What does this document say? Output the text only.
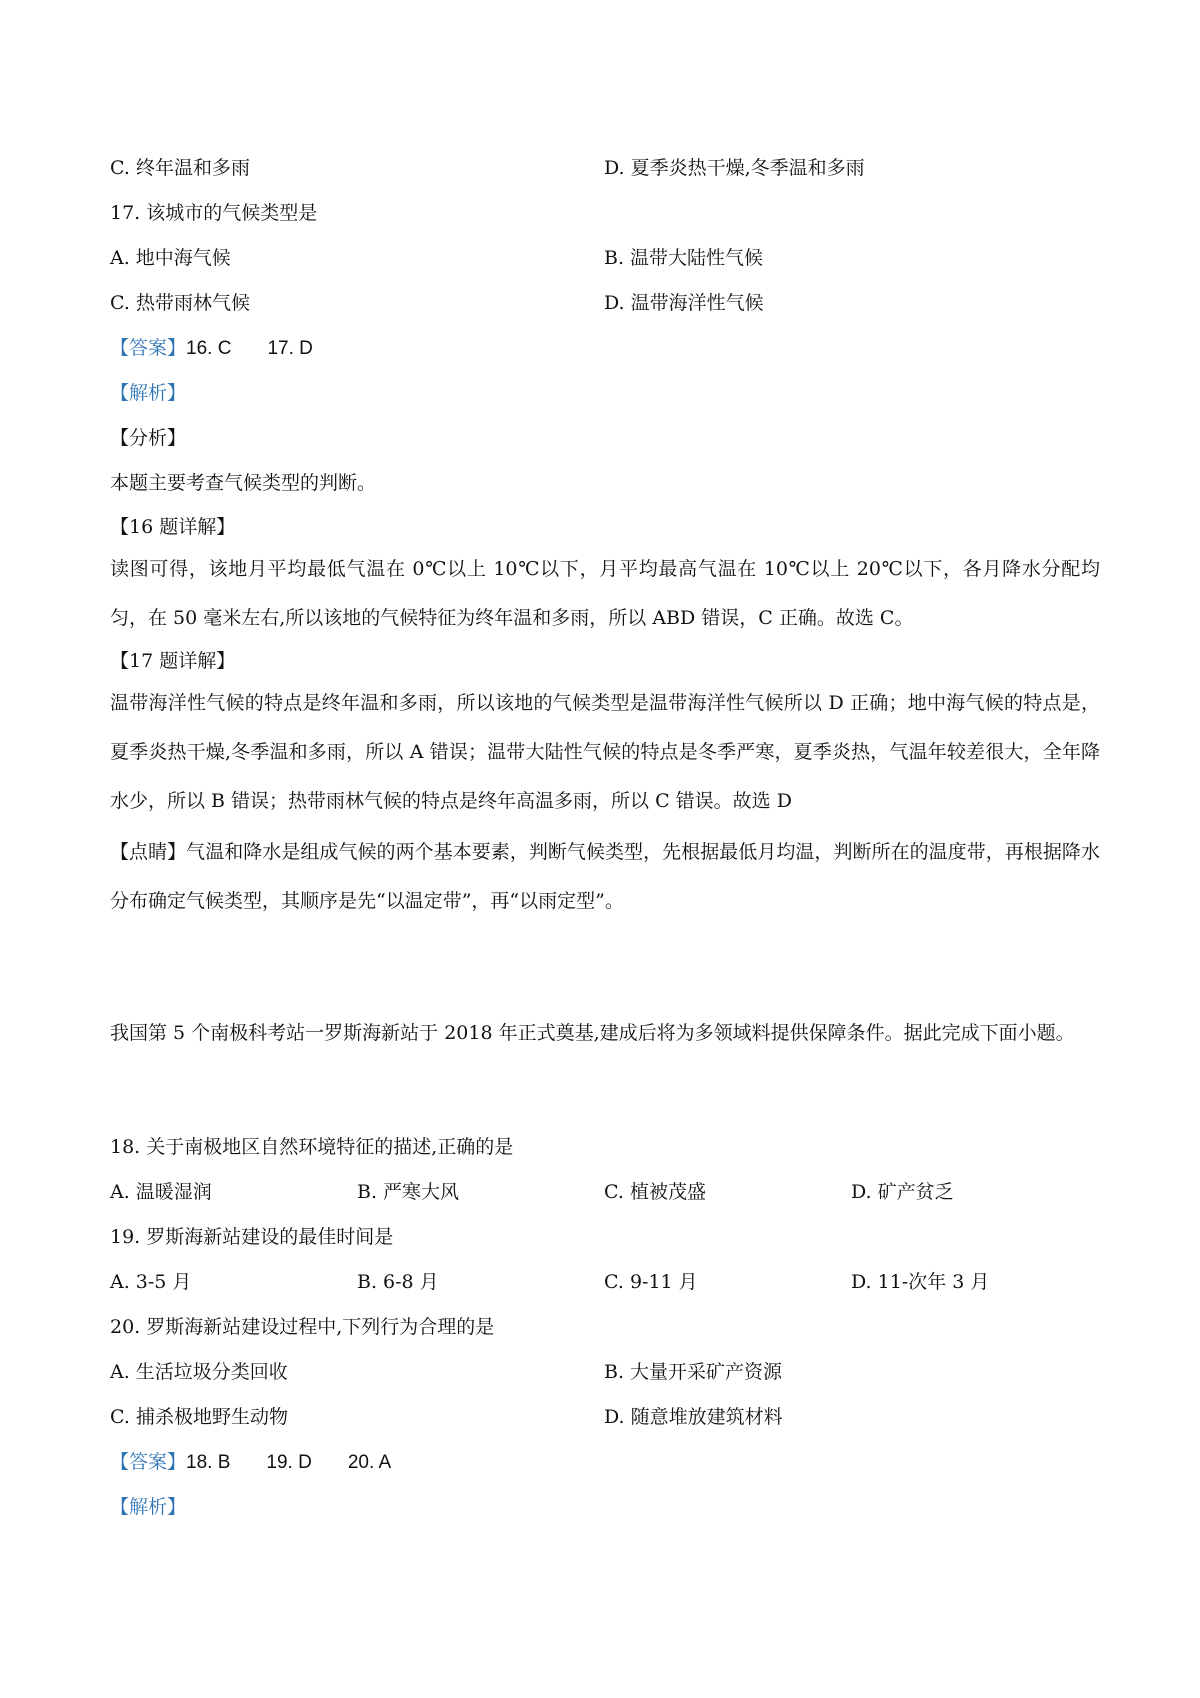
C. 终年温和多雨	D. 夏季炎热干燥,冬季温和多雨
17. 该城市的气候类型是
A. 地中海气候	B. 温带大陆性气候
C. 热带雨林气候	D. 温带海洋性气候
【答案】16. C 17. D
【解析】
【分析】
本题主要考查气候类型的判断。
【16 题详解】
读图可得，该地月平均最低气温在 0℃以上 10℃以下，月平均最高气温在 10℃以上 20℃以下，各月降水分配均匀，在 50 毫米左右,所以该地的气候特征为终年温和多雨，所以 ABD 错误，C 正确。故选 C。
【17 题详解】
温带海洋性气候的特点是终年温和多雨，所以该地的气候类型是温带海洋性气候所以 D 正确；地中海气候的特点是，夏季炎热干燥,冬季温和多雨，所以 A 错误；温带大陆性气候的特点是冬季严寒，夏季炎热，气温年较差很大，全年降水少，所以 B 错误；热带雨林气候的特点是终年高温多雨，所以 C 错误。故选 D
【点睛】气温和降水是组成气候的两个基本要素，判断气候类型，先根据最低月均温，判断所在的温度带，再根据降水分布确定气候类型，其顺序是先“以温定带”，再“以雨定型”。
我国第 5 个南极科考站一罗斯海新站于 2018 年正式奠基,建成后将为多领域料提供保障条件。据此完成下面小题。
18. 关于南极地区自然环境特征的描述,正确的是
A. 温暖湿润	B. 严寒大风	C. 植被茂盛	D. 矿产贫乏
19. 罗斯海新站建设的最佳时间是
A. 3-5 月	B. 6-8 月	C. 9-11 月	D. 11-次年 3 月
20. 罗斯海新站建设过程中,下列行为合理的是
A. 生活垃圾分类回收	B. 大量开采矿产资源
C. 捕杀极地野生动物	D. 随意堆放建筑材料
【答案】18. B 19. D 20. A
【解析】
